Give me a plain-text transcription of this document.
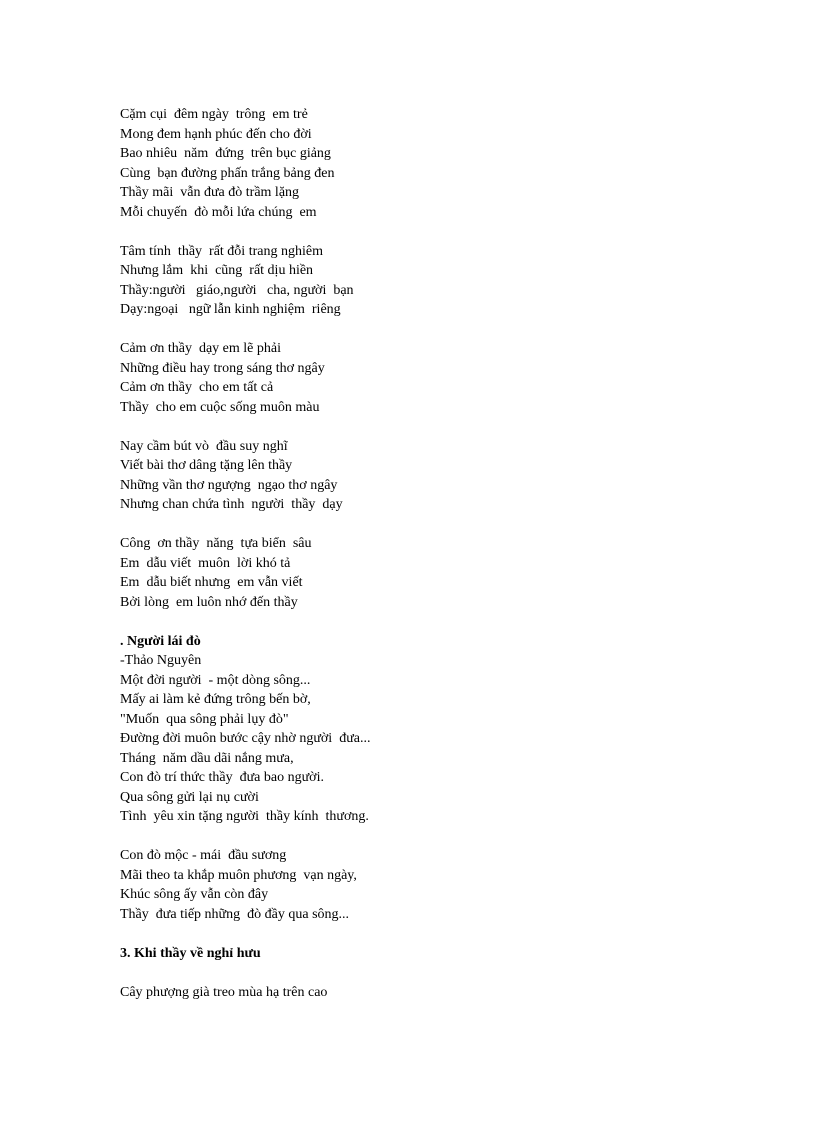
Cặm cụi  đêm ngày  trông  em trẻ
Mong đem hạnh phúc đến cho đời
Bao nhiêu  năm  đứng  trên bục giảng
Cùng  bạn đường phấn trắng bảng đen
Thầy mãi  vẫn đưa đò trầm lặng
Mỗi chuyến  đò mỗi lứa chúng  em
Tâm tính  thầy  rất đỗi trang nghiêm
Nhưng lắm  khi  cũng  rất dịu hiền
Thầy:người   giáo,người   cha, người  bạn
Dạy:ngoại   ngữ lẫn kinh nghiệm  riêng
Cảm ơn thầy  dạy em lẽ phải
Những điều hay trong sáng thơ ngây
Cảm ơn thầy  cho em tất cả
Thầy  cho em cuộc sống muôn màu
Nay cầm bút vò  đầu suy nghĩ
Viết bài thơ dâng tặng lên thầy
Những vần thơ ngượng  ngạo thơ ngây
Nhưng chan chứa tình  người  thầy  dạy
Công  ơn thầy  năng  tựa biển  sâu
Em  dẫu viết  muôn  lời khó tả
Em  dẫu biết nhưng  em vẫn viết
Bởi lòng  em luôn nhớ đến thầy
. Người lái đò
-Thảo Nguyên
Một đời người  - một dòng sông...
Mấy ai làm kẻ đứng trông bến bờ,
"Muốn  qua sông phải lụy đò"
Đường đời muôn bước cậy nhờ người  đưa...
Tháng  năm dầu dãi nắng mưa,
Con đò trí thức thầy  đưa bao người.
Qua sông gửi lại nụ cười
Tình  yêu xin tặng người  thầy kính  thương.
Con đò mộc - mái  đầu sương
Mãi theo ta khắp muôn phương  vạn ngày,
Khúc sông ấy vẫn còn đây
Thầy  đưa tiếp những  đò đầy qua sông...
3. Khi thầy về nghỉ hưu
Cây phượng già treo mùa hạ trên cao
